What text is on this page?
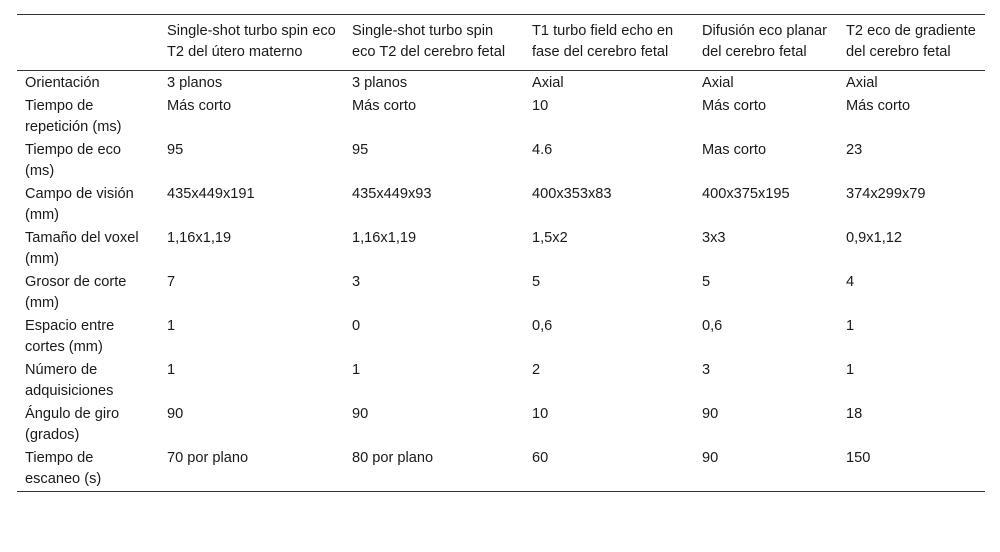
	Single-shot turbo spin eco T2 del útero materno	Single-shot turbo spin eco T2 del cerebro fetal	T1 turbo field echo en fase del cerebro fetal	Difusión eco planar del cerebro fetal	T2 eco de gradiente del cerebro fetal
Orientación	3 planos	3 planos	Axial	Axial	Axial
Tiempo de repetición (ms)	Más corto	Más corto	10	Más corto	Más corto
Tiempo de eco (ms)	95	95	4.6	Mas corto	23
Campo de visión (mm)	435x449x191	435x449x93	400x353x83	400x375x195	374x299x79
Tamaño del voxel (mm)	1,16x1,19	1,16x1,19	1,5x2	3x3	0,9x1,12
Grosor de corte (mm)	7	3	5	5	4
Espacio entre cortes (mm)	1	0	0,6	0,6	1
Número de adquisiciones	1	1	2	3	1
Ángulo de giro (grados)	90	90	10	90	18
Tiempo de escaneo (s)	70 por plano	80 por plano	60	90	150
